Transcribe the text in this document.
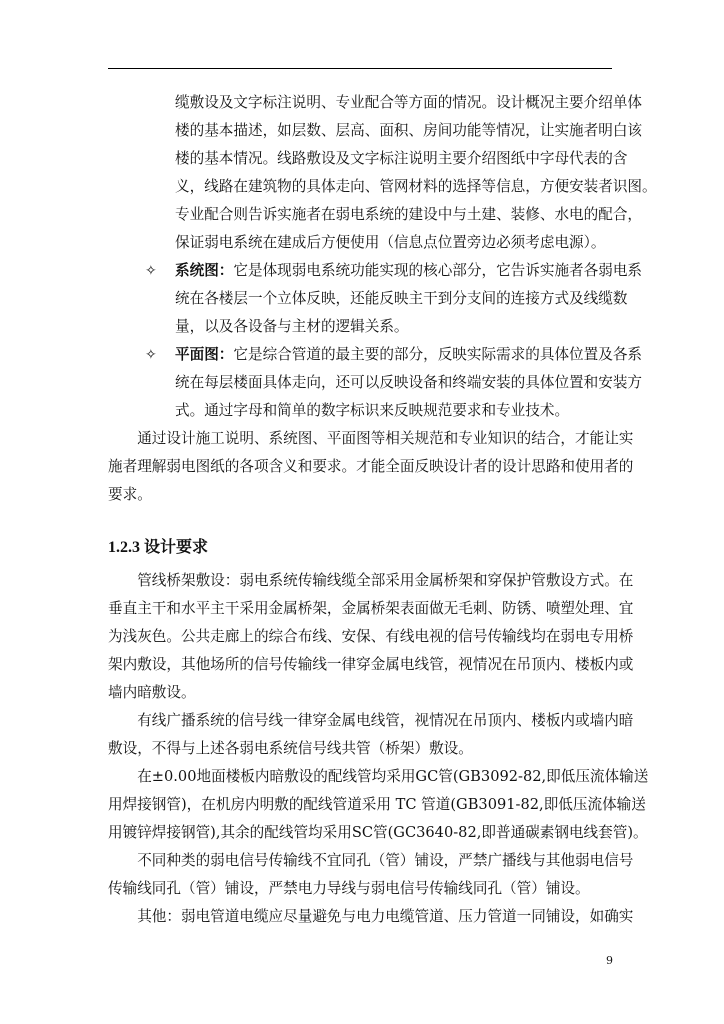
缆敷设及文字标注说明、专业配合等方面的情况。设计概况主要介绍单体
楼的基本描述，如层数、层高、面积、房间功能等情况，让实施者明白该
楼的基本情况。线路敷设及文字标注说明主要介绍图纸中字母代表的含
义，线路在建筑物的具体走向、管网材料的选择等信息，方便安装者识图。
专业配合则告诉实施者在弱电系统的建设中与土建、装修、水电的配合，
保证弱电系统在建成后方便使用（信息点位置旁边必须考虑电源）。
✧ 系统图：它是体现弱电系统功能实现的核心部分，它告诉实施者各弱电系
统在各楼层一个立体反映，还能反映主干到分支间的连接方式及线缆数
量，以及各设备与主材的逻辑关系。
✧ 平面图：它是综合管道的最主要的部分，反映实际需求的具体位置及各系
统在每层楼面具体走向，还可以反映设备和终端安装的具体位置和安装方
式。通过字母和简单的数字标识来反映规范要求和专业技术。
　　通过设计施工说明、系统图、平面图等相关规范和专业知识的结合，才能让实
施者理解弱电图纸的各项含义和要求。才能全面反映设计者的设计思路和使用者的
要求。
1.2.3 设计要求
　　管线桥架敷设：弱电系统传输线缆全部采用金属桥架和穿保护管敷设方式。在
垂直主干和水平主干采用金属桥架，金属桥架表面做无毛刺、防锈、喷塑处理、宜
为浅灰色。公共走廊上的综合布线、安保、有线电视的信号传输线均在弱电专用桥
架内敷设，其他场所的信号传输线一律穿金属电线管，视情况在吊顶内、楼板内或
墙内暗敷设。
　　有线广播系统的信号线一律穿金属电线管，视情况在吊顶内、楼板内或墙内暗
敷设，不得与上述各弱电系统信号线共管（桥架）敷设。
　　在±0.00地面楼板内暗敷设的配线管均采用GC管(GB3092-82,即低压流体输送
用焊接钢管)，在机房内明敷的配线管道采用 TC 管道(GB3091-82,即低压流体输送
用镀锌焊接钢管),其余的配线管均采用SC管(GC3640-82,即普通碳素钢电线套管)。
　　不同种类的弱电信号传输线不宜同孔（管）铺设，严禁广播线与其他弱电信号
传输线同孔（管）铺设，严禁电力导线与弱电信号传输线同孔（管）铺设。
　　其他：弱电管道电缆应尽量避免与电力电缆管道、压力管道一同铺设，如确实
9
